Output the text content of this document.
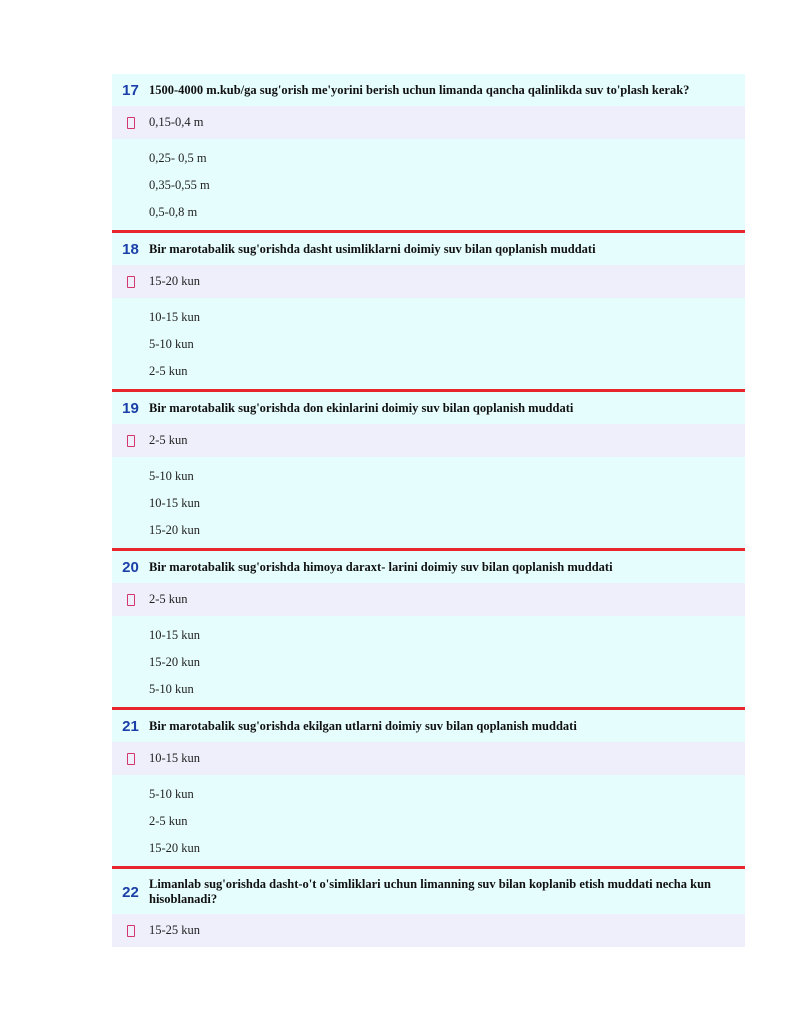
17 1500-4000 m.kub/ga sug'orish me'yorini berish uchun limanda qancha qalinlikda suv to'plash kerak?
0,15-0,4 m
0,25- 0,5 m
0,35-0,55 m
0,5-0,8 m
18 Bir marotabalik sug'orishda dasht usimliklarni doimiy suv bilan qoplanish muddati
15-20 kun
10-15 kun
5-10 kun
2-5 kun
19 Bir marotabalik sug'orishda don ekinlarini doimiy suv bilan qoplanish muddati
2-5 kun
5-10 kun
10-15 kun
15-20 kun
20 Bir marotabalik sug'orishda himoya daraxt- larini doimiy suv bilan qoplanish muddati
2-5 kun
10-15 kun
15-20 kun
5-10 kun
21 Bir marotabalik sug'orishda ekilgan utlarni doimiy suv bilan qoplanish muddati
10-15 kun
5-10 kun
2-5 kun
15-20 kun
22 Limanlab sug'orishda dasht-o't o'simliklari uchun limanning suv bilan koplanib etish muddati necha kun hisoblanadi?
15-25 kun
